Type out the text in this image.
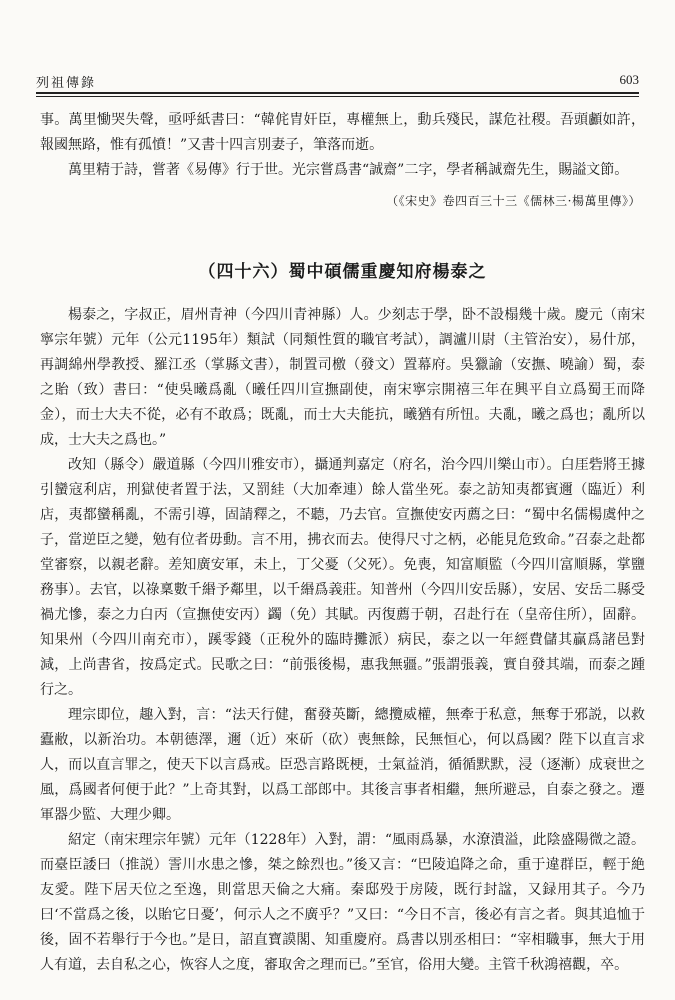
列祖傳錄	603

事。萬里慟哭失聲，亟呼紙書曰：“韓侂胄奸臣，專權無上，動兵殘民，謀危社稷。吾頭顱如許，報國無路，惟有孤憤！”又書十四言別妻子，筆落而逝。

萬里精于詩，嘗著《易傳》行于世。光宗嘗爲書“誠齋”二字，學者稱誠齋先生，賜謚文節。

（《宋史》卷四百三十三《儒林三·楊萬里傳》）
（四十六）蜀中碩儒重慶知府楊泰之

楊泰之，字叔正，眉州青神（今四川青神縣）人。少刻志于學，卧不設榻幾十歲。慶元（南宋寧宗年號）元年（公元1195年）類試（同類性質的職官考試），調瀘川尉（主管治安），易什邡，再調綿州學教授、羅江丞（掌縣文書），制置司檄（發文）置幕府。吳獵諭（安撫、曉諭）蜀，泰之貽（致）書曰：“使吳曦爲亂（曦任四川宣撫副使，南宋寧宗開禧三年在興平自立爲蜀王而降金），而士大夫不從，必有不敢爲；既亂，而士大夫能抗，曦猶有所忸。夫亂，曦之爲也；亂所以成，士大夫之爲也。”

改知（縣令）嚴道縣（今四川雅安市），攝通判嘉定（府名，治今四川樂山市）。白厓砦將王據引蠻寇利店，刑獄使者置于法，又罰絓（大加牽連）餘人當坐死。泰之訪知夷都賓邇（臨近）利店，夷都蠻稱亂，不需引導，固請釋之，不聽，乃去官。宣撫使安丙薦之曰：“蜀中名儒楊虞仲之子，當逆臣之變，勉有位者毋動。言不用，拂衣而去。使得尺寸之柄，必能見危致命。”召泰之赴都堂審察，以親老辭。差知廣安軍，未上，丁父憂（父死）。免喪，知富順監（今四川富順縣，掌鹽務事）。去官，以祿稟數千緡予鄰里，以千緡爲義莊。知普州（今四川安岳縣），安居、安岳二縣受禍尤慘，泰之力白丙（宣撫使安丙）蠲（免）其賦。丙復薦于朝，召赴行在（皇帝住所），固辭。知果州（今四川南充市），蹊零錢（正稅外的臨時攤派）病民，泰之以一年經費儲其贏爲諸邑對減，上尚書省，按爲定式。民歌之曰：“前張後楊，惠我無疆。”張謂張義，實自發其端，而泰之踵行之。

理宗即位，趣入對，言：“法天行健，奮發英斷，總攬威權，無牽于私意，無奪于邪説，以救蠹敝，以新治功。本朝德澤，邇（近）來斫（砍）喪無餘，民無恒心，何以爲國？陛下以直言求人，而以直言罪之，使天下以言爲戒。臣恐言路既梗，士氣益消，循循默默，浸（逐漸）成衰世之風，爲國者何便于此？”上奇其對，以爲工部郎中。其後言事者相繼，無所避忌，自泰之發之。遷軍器少監、大理少卿。

紹定（南宋理宗年號）元年（1228年）入對，謂：“風雨爲暴，水潦潰溢，此陰盛陽微之證。而臺臣諉曰（推説）霅川水患之慘，桀之餘烈也。”後又言：“巴陵追降之命，重于違群臣，輕于絶友愛。陛下居天位之至逸，則當思天倫之大痛。秦邸殁于房陵，既行封諡，又録用其子。今乃曰‘不當爲之後，以貽它日憂’，何示人之不廣乎？”又曰：“今日不言，後必有言之者。與其追恤于後，固不若舉行于今也。”是日，詔直寶謨閣、知重慶府。爲書以別丞相曰：“宰相職事，無大于用人有道，去自私之心，恢容人之度，審取舍之理而已。”至官，俗用大變。主管千秋鴻禧觀，卒。
